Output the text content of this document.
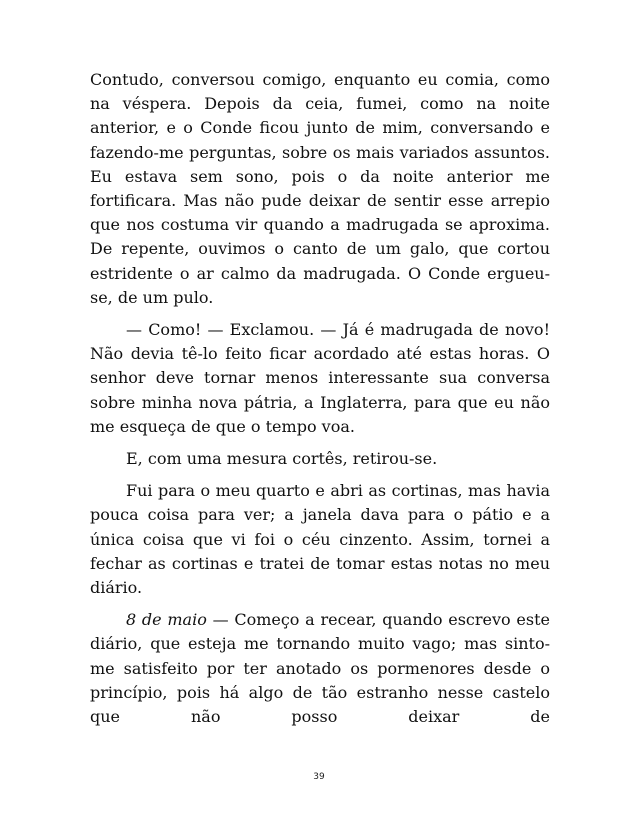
Contudo, conversou comigo, enquanto eu comia, como na véspera. Depois da ceia, fumei, como na noite anterior, e o Conde ficou junto de mim, conversando e fazendo-me perguntas, sobre os mais variados assuntos. Eu estava sem sono, pois o da noite anterior me fortificara. Mas não pude deixar de sentir esse arrepio que nos costuma vir quando a madrugada se aproxima. De repente, ouvimos o canto de um galo, que cortou estridente o ar calmo da madrugada. O Conde ergueu-se, de um pulo.

— Como! — Exclamou. — Já é madrugada de novo! Não devia tê-lo feito ficar acordado até estas horas. O senhor deve tornar menos interessante sua conversa sobre minha nova pátria, a Inglaterra, para que eu não me esqueça de que o tempo voa.

E, com uma mesura cortês, retirou-se.

Fui para o meu quarto e abri as cortinas, mas havia pouca coisa para ver; a janela dava para o pátio e a única coisa que vi foi o céu cinzento. Assim, tornei a fechar as cortinas e tratei de tomar estas notas no meu diário.

8 de maio — Começo a recear, quando escrevo este diário, que esteja me tornando muito vago; mas sinto-me satisfeito por ter anotado os pormenores desde o princípio, pois há algo de tão estranho nesse castelo que não posso deixar de

39
